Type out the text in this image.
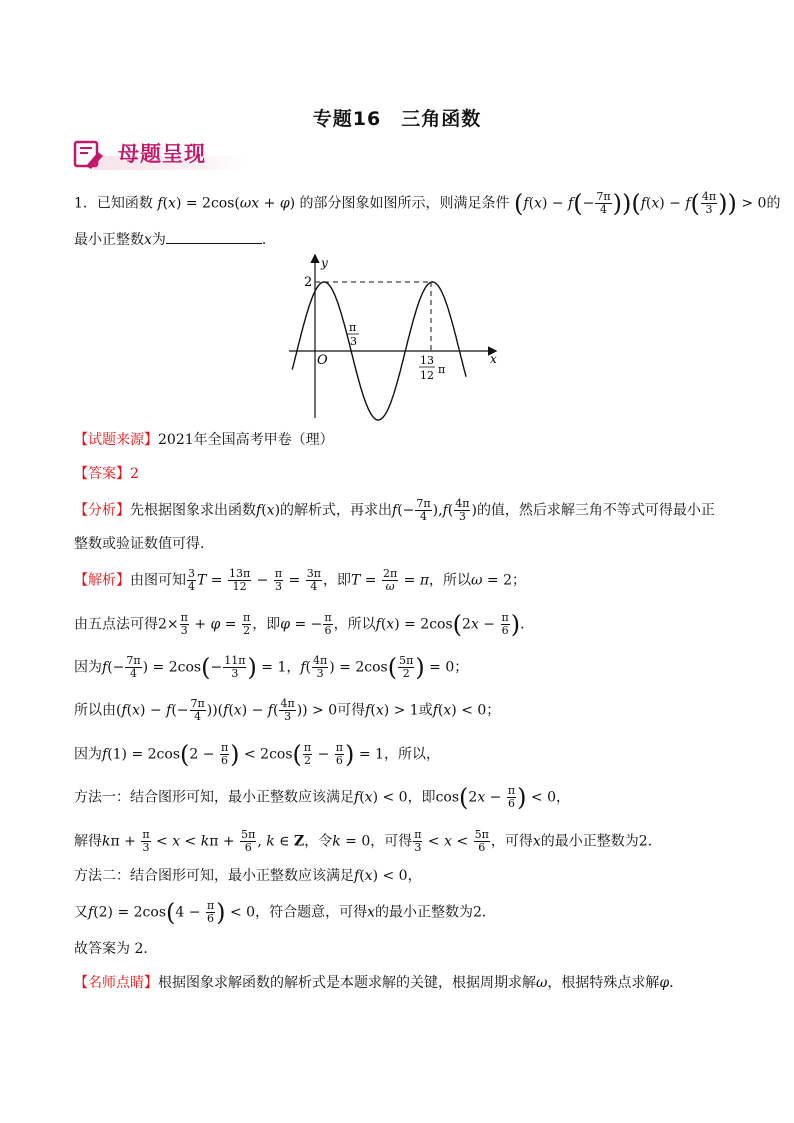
专题16　三角函数
母题呈现
1．已知函数 f(x) = 2cos(ωx + φ) 的部分图象如图所示，则满足条件 $(f(x) - f(- \frac{7\pi}{4} ))(f(x) - f( \frac{4\pi}{3}$ )) > 0的
最小正整数x为	．
y
x
2
O
π
3
13
12 π
【试题来源】2021年全国高考甲卷（理）
【答案】2
【分析】先根据图象求出函数f(x)的解析式，再求出$f(- \frac{7\pi}{4} ),f( \frac{4\pi}{3}$ )的值，然后求解三角不等式可得最小正
整数或验证数值可得．
【解析】由图可知 $\frac{3}{4}$ $T = \frac{13\pi}{12} - \frac{\pi}{3} = \frac{3\pi}{4}$ ，即$T = \frac{2\pi}{\omega} = \pi$，所以ω = 2；
由五点法可得$2\times \frac{\pi}{3} + \varphi = \frac{\pi}{2}$ ，即φ = − $\frac{\pi}{6}$ ，所以$f(x) = 2\cos(2x - \frac{\pi}{6}$ )．
因为$f(- \frac{7\pi}{4}$ ) = $2\cos(- \frac{11\pi}{3}$ ) = 1，$f( \frac{4\pi}{3}$ ) = $2\cos( \frac{5\pi}{2}$ ) = 0；
所以由$(f(x) - f(- \frac{7\pi}{4} ))(f(x) - f( \frac{4\pi}{3}$ )) > 0可得f(x) > 1或f(x) < 0；
因为$f(1) = 2\cos(2 - \frac{\pi}{6}$ ) < $2\cos( \frac{\pi}{2} - \frac{\pi}{6}$ ) = 1，所以，
方法一：结合图形可知，最小正整数应该满足f(x) < 0，即$\cos(2x - \frac{\pi}{6}$ ) < 0，
解得$k\pi + \frac{\pi}{3} < x < k\pi + \frac{5\pi}{6}$ , k ∈ Z，令k = 0，可得 $\frac{\pi}{3} < x < \frac{5\pi}{6}$ ，可得x的最小正整数为2．
方法二：结合图形可知，最小正整数应该满足f(x) < 0，
又$f(2) = 2\cos(4 - \frac{\pi}{6}$ ) < 0，符合题意，可得x的最小正整数为2．
故答案为 2．
【名师点睛】根据图象求解函数的解析式是本题求解的关键，根据周期求解ω，根据特殊点求解φ．
